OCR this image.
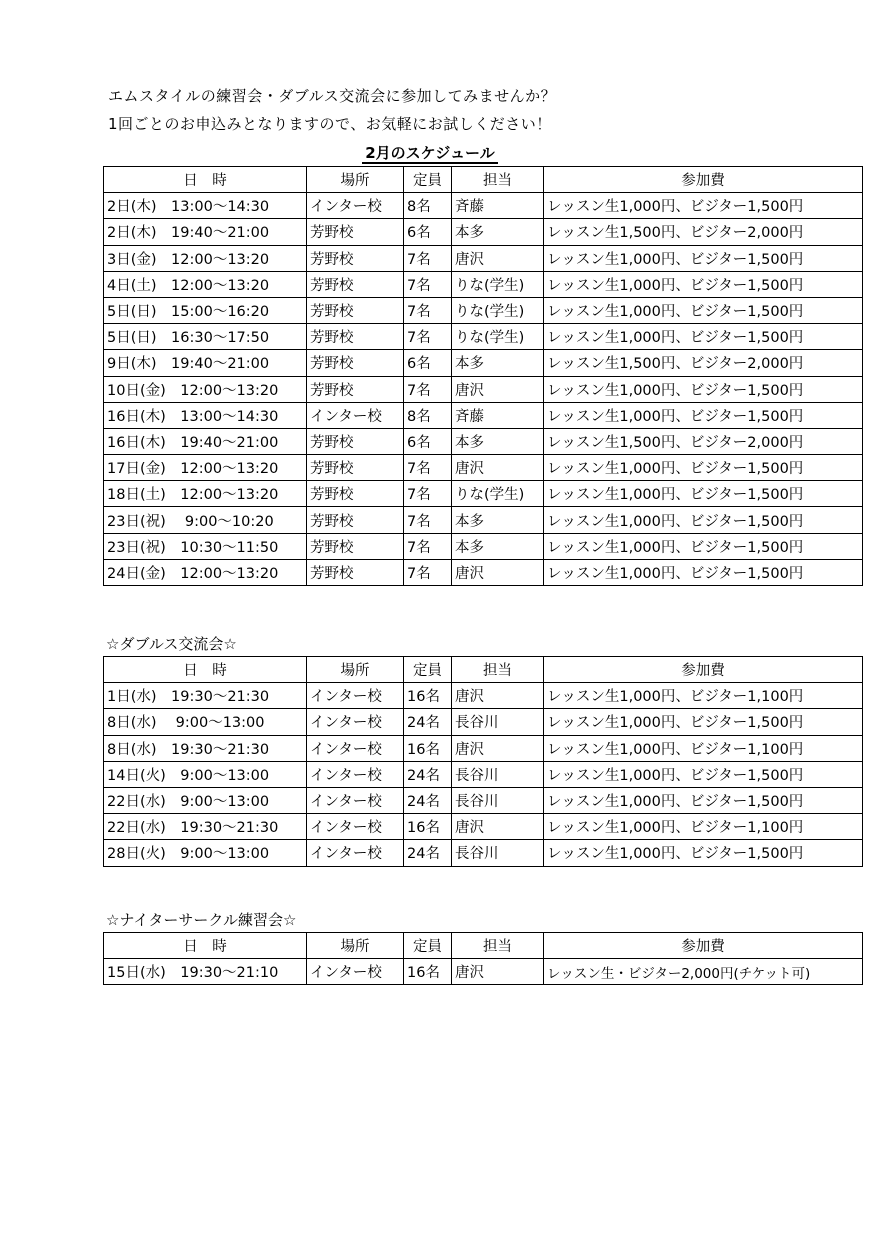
エムスタイルの練習会・ダブルス交流会に参加してみませんか？
1回ごとのお申込みとなりますので、お気軽にお試しください！
2月のスケジュール
日　時	場所	定員	担当	参加費
2日(木)　13:00〜14:30	インター校	8名	斉藤	レッスン生1,000円、ビジター1,500円
2日(木)　19:40〜21:00	芳野校	6名	本多	レッスン生1,500円、ビジター2,000円
3日(金)　12:00〜13:20	芳野校	7名	唐沢	レッスン生1,000円、ビジター1,500円
4日(土)　12:00〜13:20	芳野校	7名	りな(学生)	レッスン生1,000円、ビジター1,500円
5日(日)　15:00〜16:20	芳野校	7名	りな(学生)	レッスン生1,000円、ビジター1,500円
5日(日)　16:30〜17:50	芳野校	7名	りな(学生)	レッスン生1,000円、ビジター1,500円
9日(木)　19:40〜21:00	芳野校	6名	本多	レッスン生1,500円、ビジター2,000円
10日(金)　12:00〜13:20	芳野校	7名	唐沢	レッスン生1,000円、ビジター1,500円
16日(木)　13:00〜14:30	インター校	8名	斉藤	レッスン生1,000円、ビジター1,500円
16日(木)　19:40〜21:00	芳野校	6名	本多	レッスン生1,500円、ビジター2,000円
17日(金)　12:00〜13:20	芳野校	7名	唐沢	レッスン生1,000円、ビジター1,500円
18日(土)　12:00〜13:20	芳野校	7名	りな(学生)	レッスン生1,000円、ビジター1,500円
23日(祝)　 9:00〜10:20	芳野校	7名	本多	レッスン生1,000円、ビジター1,500円
23日(祝)　10:30〜11:50	芳野校	7名	本多	レッスン生1,000円、ビジター1,500円
24日(金)　12:00〜13:20	芳野校	7名	唐沢	レッスン生1,000円、ビジター1,500円
☆ダブルス交流会☆
日　時	場所	定員	担当	参加費
1日(水)　19:30〜21:30	インター校	16名	唐沢	レッスン生1,000円、ビジター1,100円
8日(水)　 9:00〜13:00	インター校	24名	長谷川	レッスン生1,000円、ビジター1,500円
8日(水)　19:30〜21:30	インター校	16名	唐沢	レッスン生1,000円、ビジター1,100円
14日(火)　9:00〜13:00	インター校	24名	長谷川	レッスン生1,000円、ビジター1,500円
22日(水)　9:00〜13:00	インター校	24名	長谷川	レッスン生1,000円、ビジター1,500円
22日(水)　19:30〜21:30	インター校	16名	唐沢	レッスン生1,000円、ビジター1,100円
28日(火)　9:00〜13:00	インター校	24名	長谷川	レッスン生1,000円、ビジター1,500円
☆ナイターサークル練習会☆
日　時	場所	定員	担当	参加費
15日(水)　19:30〜21:10	インター校	16名	唐沢	レッスン生・ビジター2,000円(チケット可)
